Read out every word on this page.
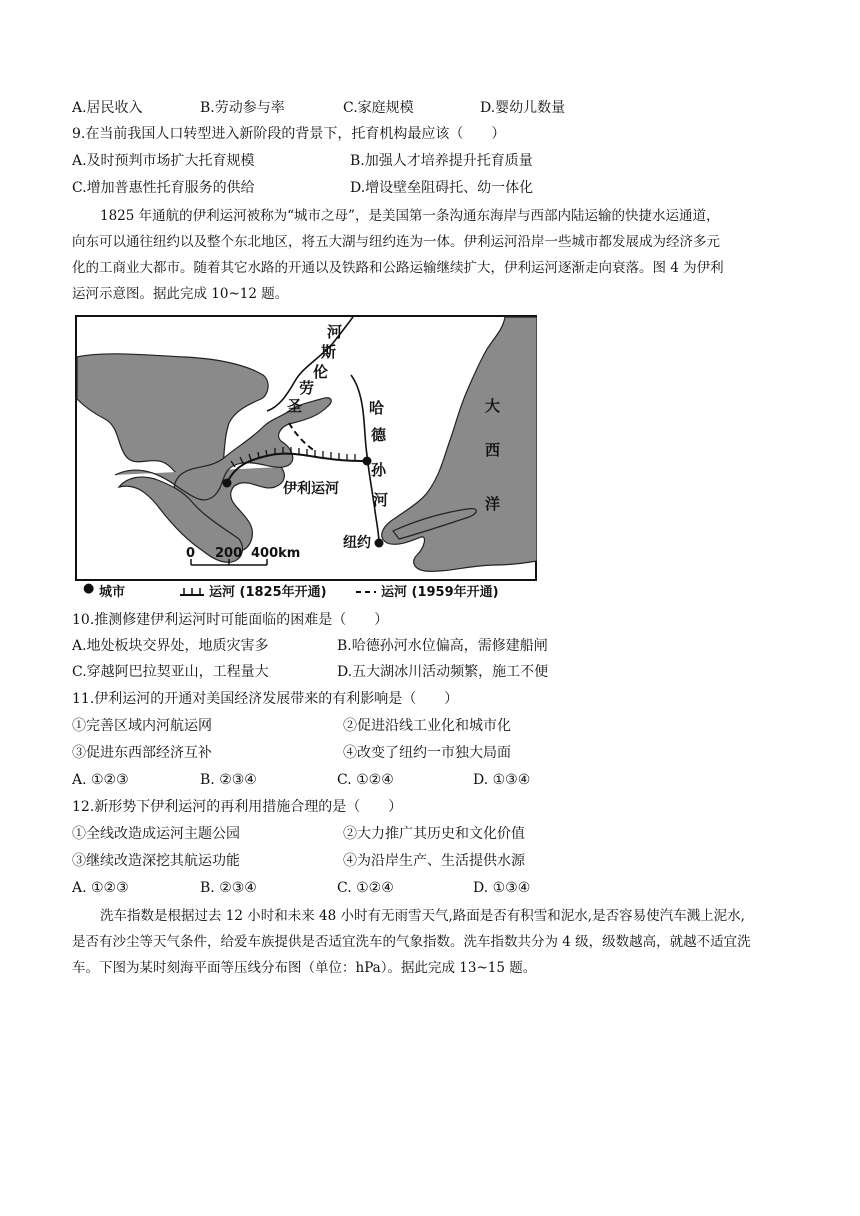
A.居民收入	B.劳动参与率	C.家庭规模	D.婴幼儿数量
9.在当前我国人口转型进入新阶段的背景下，托育机构最应该（　　）
A.及时预判市场扩大托育规模	B.加强人才培养提升托育质量
C.增加普惠性托育服务的供给	D.增设壁垒阻碍托、幼一体化
1825 年通航的伊利运河被称为“城市之母”，是美国第一条沟通东海岸与西部内陆运输的快捷水运通道，
向东可以通往纽约以及整个东北地区，将五大湖与纽约连为一体。伊利运河沿岸一些城市都发展成为经济多元
化的工商业大都市。随着其它水路的开通以及铁路和公路运输继续扩大，伊利运河逐渐走向衰落。图 4 为伊利
运河示意图。据此完成 10~12 题。
河
斯
伦
劳
圣	哈
德
孙
河
大
西
洋
伊利运河
纽约
0 200 400km
● 城市	运河 (1825年开通)	运河 (1959年开通)
10.推测修建伊利运河时可能面临的困难是（　　）
A.地处板块交界处，地质灾害多	B.哈德孙河水位偏高，需修建船闸
C.穿越阿巴拉契亚山，工程量大	D.五大湖冰川活动频繁，施工不便
11.伊利运河的开通对美国经济发展带来的有利影响是（　　）
①完善区域内河航运网	②促进沿线工业化和城市化
③促进东西部经济互补	④改变了纽约一市独大局面
A. ①②③	B. ②③④	C. ①②④	D. ①③④
12.新形势下伊利运河的再利用措施合理的是（　　）
①全线改造成运河主题公园	②大力推广其历史和文化价值
③继续改造深挖其航运功能	④为沿岸生产、生活提供水源
A. ①②③	B. ②③④	C. ①②④	D. ①③④
洗车指数是根据过去 12 小时和未来 48 小时有无雨雪天气,路面是否有积雪和泥水,是否容易使汽车溅上泥水,
是否有沙尘等天气条件，给爱车族提供是否适宜洗车的气象指数。洗车指数共分为 4 级，级数越高，就越不适宜洗
车。下图为某时刻海平面等压线分布图（单位：hPa）。据此完成 13~15 题。
